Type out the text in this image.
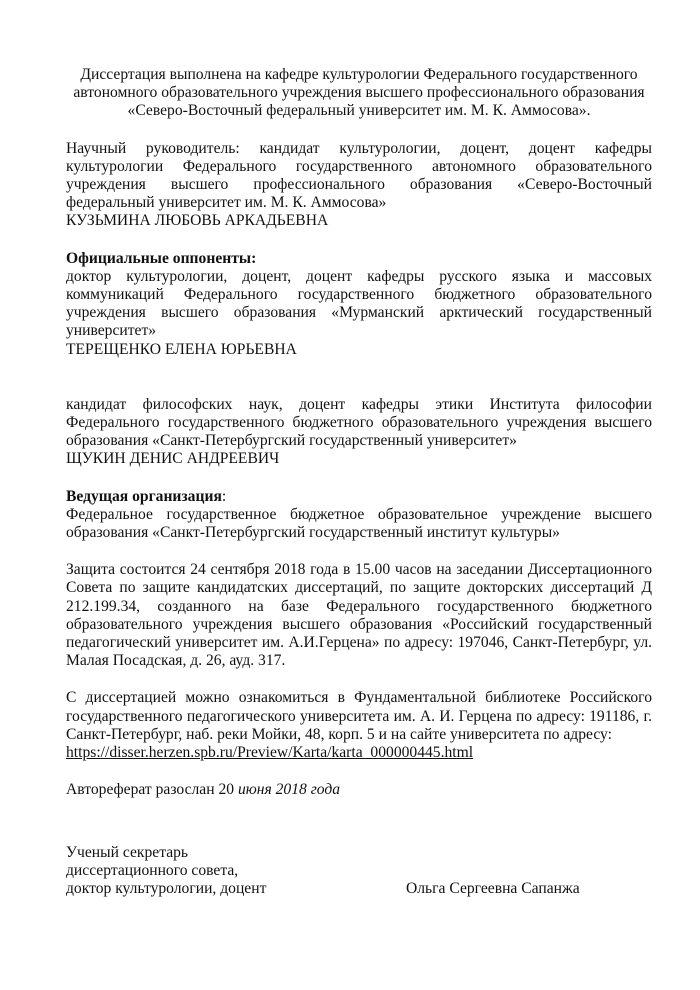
Диссертация выполнена на кафедре культурологии Федерального государственного
автономного образовательного учреждения высшего профессионального образования
«Северо-Восточный федеральный университет им. М. К. Аммосова».
Научный руководитель: кандидат культурологии, доцент, доцент кафедры культурологии Федерального государственного автономного образовательного учреждения высшего профессионального образования «Северо-Восточный федеральный университет им. М. К. Аммосова»
КУЗЬМИНА ЛЮБОВЬ АРКАДЬЕВНА
Официальные оппоненты:
доктор культурологии, доцент, доцент кафедры русского языка и массовых коммуникаций Федерального государственного бюджетного образовательного учреждения высшего образования «Мурманский арктический государственный университет»
ТЕРЕЩЕНКО ЕЛЕНА ЮРЬЕВНА
кандидат философских наук, доцент кафедры этики Института философии Федерального государственного бюджетного образовательного учреждения высшего образования «Санкт-Петербургский государственный университет»
ЩУКИН ДЕНИС АНДРЕЕВИЧ
Ведущая организация:
Федеральное государственное бюджетное образовательное учреждение высшего образования «Санкт-Петербургский государственный институт культуры»
Защита состоится 24 сентября 2018 года в 15.00 часов на заседании Диссертационного Совета по защите кандидатских диссертаций, по защите докторских диссертаций Д 212.199.34, созданного на базе Федерального государственного бюджетного образовательного учреждения высшего образования «Российский государственный педагогический университет им. А.И.Герцена» по адресу: 197046, Санкт-Петербург, ул. Малая Посадская, д. 26, ауд. 317.
С диссертацией можно ознакомиться в Фундаментальной библиотеке Российского государственного педагогического университета им. А. И. Герцена по адресу: 191186, г. Санкт-Петербург, наб. реки Мойки, 48, корп. 5 и на сайте университета по адресу:
https://disser.herzen.spb.ru/Preview/Karta/karta_000000445.html
Автореферат разослан 20 июня 2018 года
Ученый секретарь
диссертационного совета,
доктор культурологии, доцент	Ольга Сергеевна Сапанжа
